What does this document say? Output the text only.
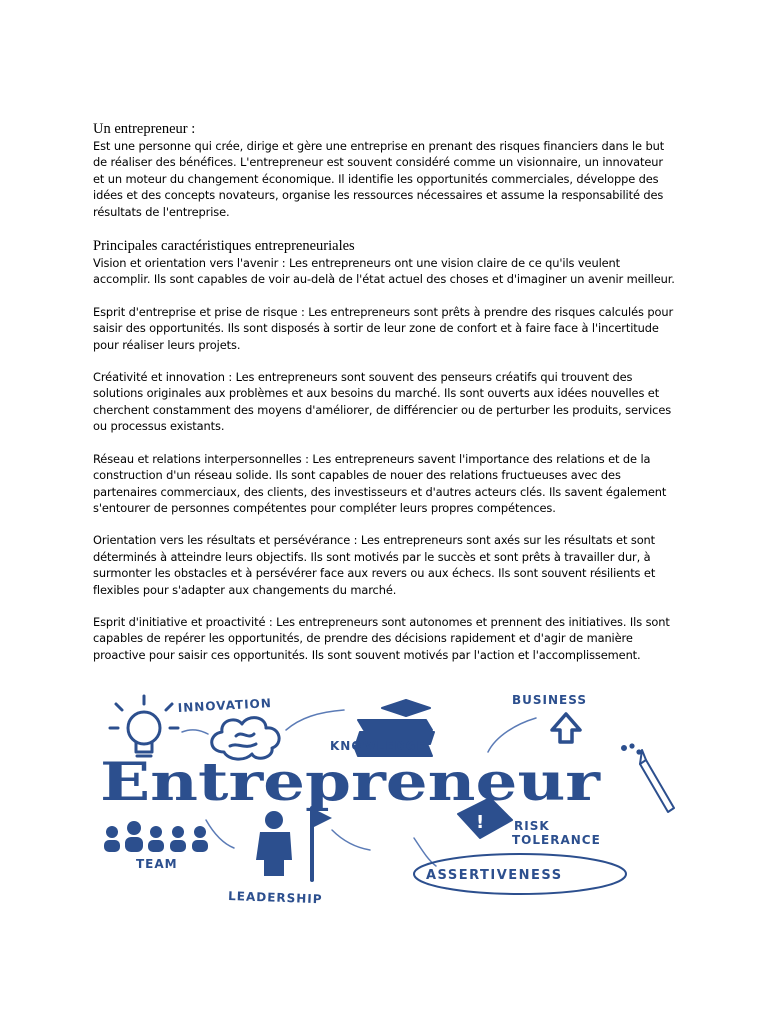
Un entrepreneur :

Est une personne qui crée, dirige et gère une entreprise en prenant des risques financiers dans le but de réaliser des bénéfices. L'entrepreneur est souvent considéré comme un visionnaire, un innovateur et un moteur du changement économique. Il identifie les opportunités commerciales, développe des idées et des concepts novateurs, organise les ressources nécessaires et assume la responsabilité des résultats de l'entreprise.

Principales caractéristiques entrepreneuriales

Vision et orientation vers l'avenir : Les entrepreneurs ont une vision claire de ce qu'ils veulent accomplir. Ils sont capables de voir au-delà de l'état actuel des choses et d'imaginer un avenir meilleur.

Esprit d'entreprise et prise de risque : Les entrepreneurs sont prêts à prendre des risques calculés pour saisir des opportunités. Ils sont disposés à sortir de leur zone de confort et à faire face à l'incertitude pour réaliser leurs projets.

Créativité et innovation : Les entrepreneurs sont souvent des penseurs créatifs qui trouvent des solutions originales aux problèmes et aux besoins du marché. Ils sont ouverts aux idées nouvelles et cherchent constamment des moyens d'améliorer, de différencier ou de perturber les produits, services ou processus existants.

Réseau et relations interpersonnelles : Les entrepreneurs savent l'importance des relations et de la construction d'un réseau solide. Ils sont capables de nouer des relations fructueuses avec des partenaires commerciaux, des clients, des investisseurs et d'autres acteurs clés. Ils savent également s'entourer de personnes compétentes pour compléter leurs propres compétences.

Orientation vers les résultats et persévérance : Les entrepreneurs sont axés sur les résultats et sont déterminés à atteindre leurs objectifs. Ils sont motivés par le succès et sont prêts à travailler dur, à surmonter les obstacles et à persévérer face aux revers ou aux échecs. Ils sont souvent résilients et flexibles pour s'adapter aux changements du marché.

Esprit d'initiative et proactivité : Les entrepreneurs sont autonomes et prennent des initiatives. Ils sont capables de repérer les opportunités, de prendre des décisions rapidement et d'agir de manière proactive pour saisir ces opportunités. Ils sont souvent motivés par l'action et l'accomplissement.

!
INNOVATION
KNOWLEDGE
BUSINESS
RISK
TOLERANCE
TEAM
LEADERSHIP
ASSERTIVENESS
Entrepreneur
